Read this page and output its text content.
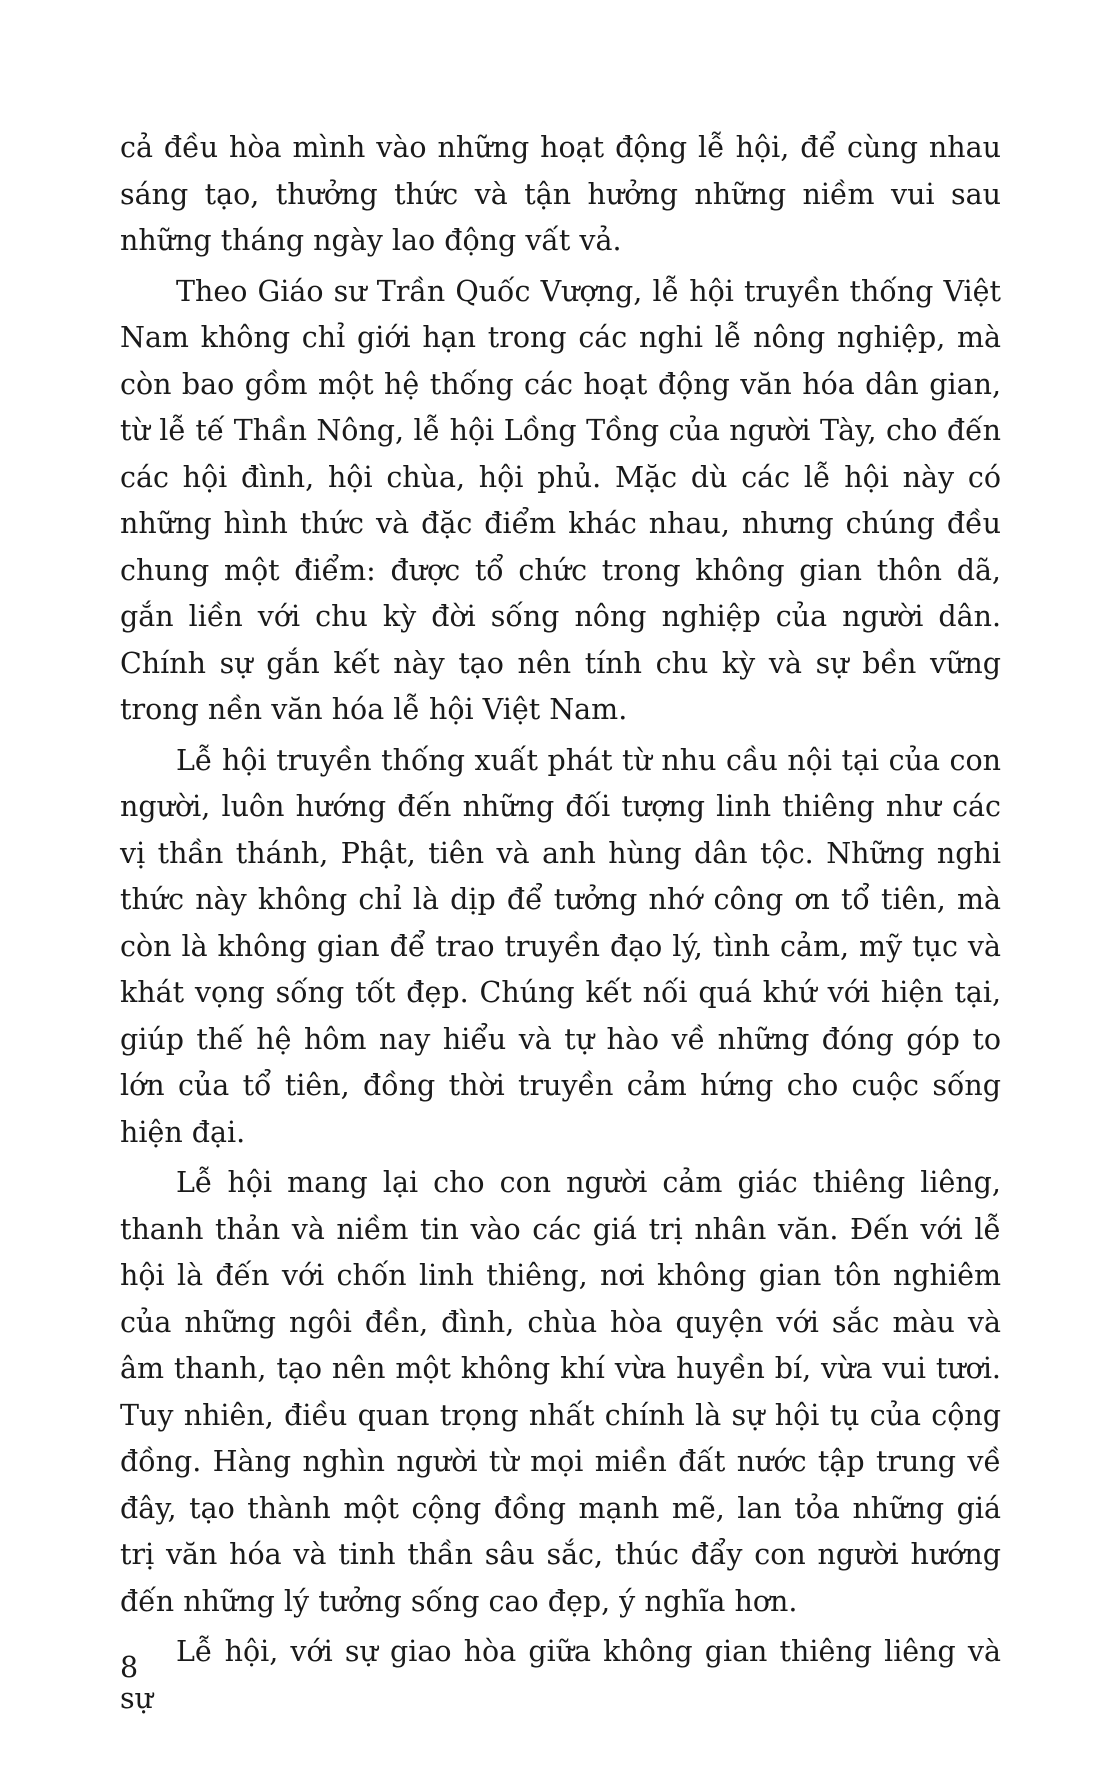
cả đều hòa mình vào những hoạt động lễ hội, để cùng nhau sáng tạo, thưởng thức và tận hưởng những niềm vui sau những tháng ngày lao động vất vả.

Theo Giáo sư Trần Quốc Vượng, lễ hội truyền thống Việt Nam không chỉ giới hạn trong các nghi lễ nông nghiệp, mà còn bao gồm một hệ thống các hoạt động văn hóa dân gian, từ lễ tế Thần Nông, lễ hội Lồng Tồng của người Tày, cho đến các hội đình, hội chùa, hội phủ. Mặc dù các lễ hội này có những hình thức và đặc điểm khác nhau, nhưng chúng đều chung một điểm: được tổ chức trong không gian thôn dã, gắn liền với chu kỳ đời sống nông nghiệp của người dân. Chính sự gắn kết này tạo nên tính chu kỳ và sự bền vững trong nền văn hóa lễ hội Việt Nam.

Lễ hội truyền thống xuất phát từ nhu cầu nội tại của con người, luôn hướng đến những đối tượng linh thiêng như các vị thần thánh, Phật, tiên và anh hùng dân tộc. Những nghi thức này không chỉ là dịp để tưởng nhớ công ơn tổ tiên, mà còn là không gian để trao truyền đạo lý, tình cảm, mỹ tục và khát vọng sống tốt đẹp. Chúng kết nối quá khứ với hiện tại, giúp thế hệ hôm nay hiểu và tự hào về những đóng góp to lớn của tổ tiên, đồng thời truyền cảm hứng cho cuộc sống hiện đại.

Lễ hội mang lại cho con người cảm giác thiêng liêng, thanh thản và niềm tin vào các giá trị nhân văn. Đến với lễ hội là đến với chốn linh thiêng, nơi không gian tôn nghiêm của những ngôi đền, đình, chùa hòa quyện với sắc màu và âm thanh, tạo nên một không khí vừa huyền bí, vừa vui tươi. Tuy nhiên, điều quan trọng nhất chính là sự hội tụ của cộng đồng. Hàng nghìn người từ mọi miền đất nước tập trung về đây, tạo thành một cộng đồng mạnh mẽ, lan tỏa những giá trị văn hóa và tinh thần sâu sắc, thúc đẩy con người hướng đến những lý tưởng sống cao đẹp, ý nghĩa hơn.

Lễ hội, với sự giao hòa giữa không gian thiêng liêng và sự

8
